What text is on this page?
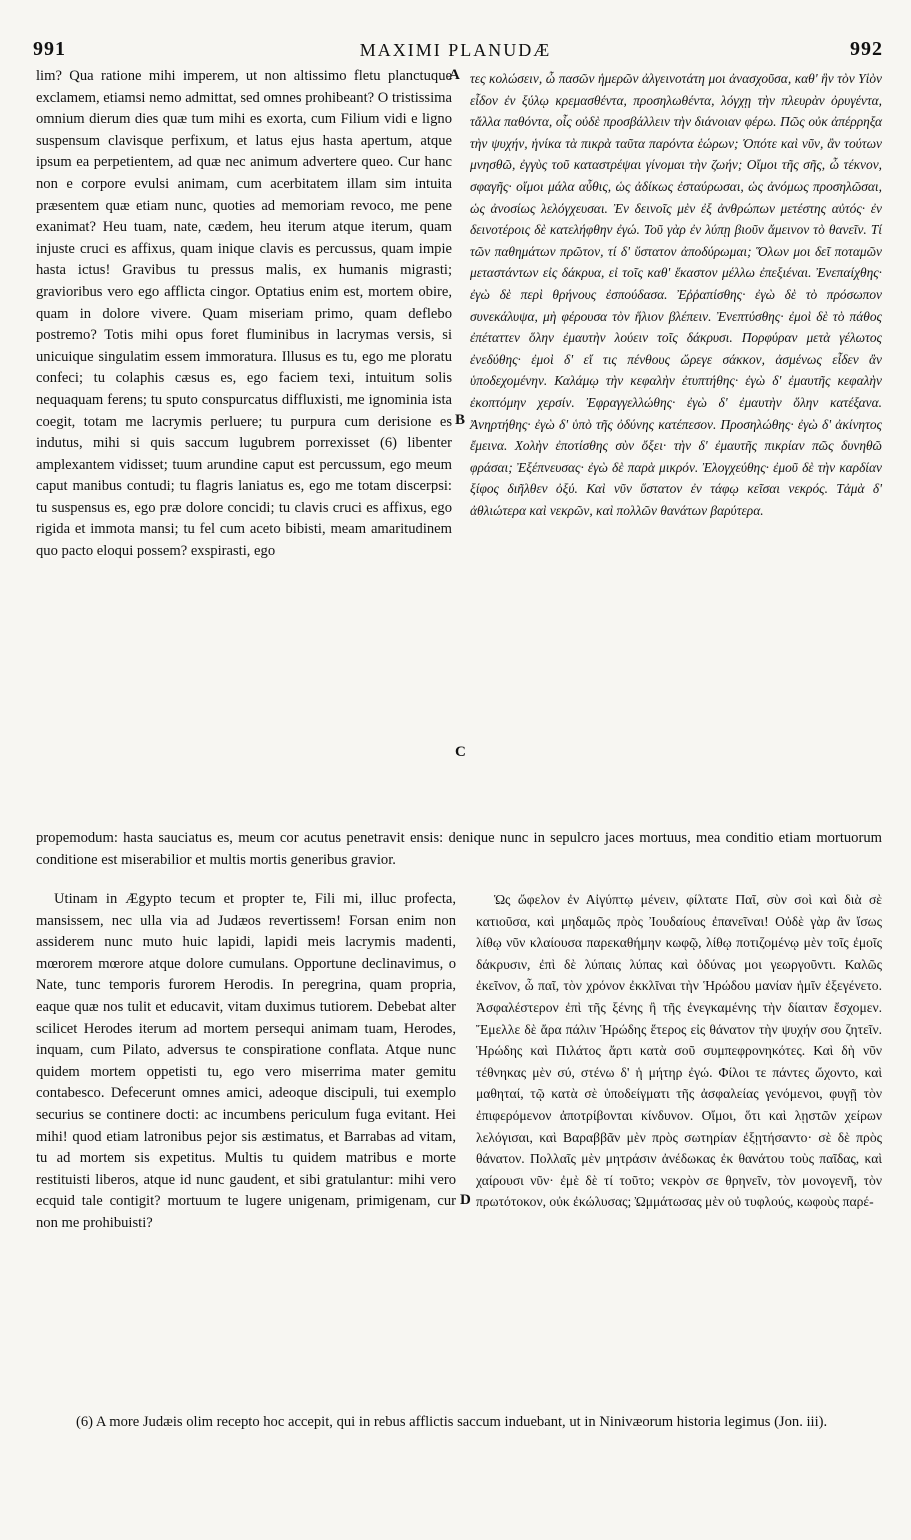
991	MAXIMI PLANUDÆ	992
A
B
C
D
lim? Qua ratione mihi imperem, ut non altissimo fletu planctuque exclamem, etiamsi nemo admittat, sed omnes prohibeant? O tristissima omnium dierum dies quæ tum mihi es exorta, cum Filium vidi e ligno suspensum clavisque perfixum, et latus ejus hasta apertum, atque ipsum ea perpetientem, ad quæ nec animum advertere queo. Cur hanc non e corpore evulsi animam, cum acerbitatem illam sim intuita præsentem quæ etiam nunc, quoties ad memoriam revoco, me pene exanimat? Heu tuam, nate, cædem, heu iterum atque iterum, quam injuste cruci es affixus, quam inique clavis es percussus, quam impie hasta ictus! Gravibus tu pressus malis, ex humanis migrasti; gravioribus vero ego afflicta cingor. Optatius enim est, mortem obire, quam in dolore vivere. Quam miseriam primo, quam deflebo postremo? Totis mihi opus foret fluminibus in lacrymas versis, si unicuique singulatim essem immoratura. Illusus es tu, ego me ploratu confeci; tu colaphis cæsus es, ego faciem texi, intuitum solis nequaquam ferens; tu sputo conspurcatus diffluxisti, me ignominia ista coegit, totam me lacrymis perluere; tu purpura cum derisione es indutus, mihi si quis saccum lugubrem porrexisset (6) libenter amplexantem vidisset; tuum arundine caput est percussum, ego meum caput manibus contudi; tu flagris laniatus es, ego me totam discerpsi: tu suspensus es, ego præ dolore concidi; tu clavis cruci es affixus, ego rigida et immota mansi; tu fel cum aceto bibisti, meam amaritudinem quo pacto eloqui possem? exspirasti, ego
τες κολώσειν, ὦ πασῶν ἡμερῶν ἀλγεινοτάτη μοι ἀνασχοῦσα, καθ' ἣν τὸν Υἱὸν εἶδον ἐν ξύλῳ κρεμασθέντα, προσηλωθέντα, λόγχῃ τὴν πλευρὰν ὀρυγέντα, τἄλλα παθόντα, οἷς οὐδὲ προσβάλλειν τὴν διάνοιαν φέρω. Πῶς οὐκ ἀπέρρηξα τὴν ψυχήν, ἡνίκα τὰ πικρὰ ταῦτα παρόντα ἑώρων; Ὁπότε καὶ νῦν, ἂν τούτων μνησθῶ, ἐγγὺς τοῦ καταστρέψαι γίνομαι τὴν ζωήν; Οἴμοι τῆς σῆς, ὦ τέκνον, σφαγῆς· οἴμοι μάλα αὖθις, ὡς ἀδίκως ἐσταύρωσαι, ὡς ἀνόμως προσηλῶσαι, ὡς ἀνοσίως λελόγχευσαι. Ἐν δεινοῖς μὲν ἐξ ἀνθρώπων μετέστης αὐτός· ἐν δεινοτέροις δὲ κατελήφθην ἐγώ. Τοῦ γὰρ ἐν λύπῃ βιοῦν ἄμεινον τὸ θανεῖν. Τί τῶν παθημάτων πρῶτον, τί δ' ὕστατον ἀποδύρωμαι; Ὅλων μοι δεῖ ποταμῶν μεταστάντων εἰς δάκρυα, εἰ τοῖς καθ' ἕκαστον μέλλω ἐπεξιέναι. Ἐνεπαίχθης· ἐγὼ δὲ περὶ θρήνους ἐσπούδασα. Ἐῤῥαπίσθης· ἐγὼ δὲ τὸ πρόσωπον συνεκάλυψα, μὴ φέρουσα τὸν ἥλιον βλέπειν. Ἐνεπτύσθης· ἐμοὶ δὲ τὸ πάθος ἐπέταττεν ὅλην ἐμαυτὴν λούειν τοῖς δάκρυσι. Πορφύραν μετὰ γέλωτος ἐνεδύθης· ἐμοὶ δ' εἴ τις πένθους ὤρεγε σάκκον, ἀσμένως εἶδεν ἂν ὑποδεχομένην. Καλάμῳ τὴν κεφαλὴν ἐτυπτήθης· ἐγὼ δ' ἐμαυτῆς κεφαλὴν ἐκοπτόμην χερσίν. Ἐφραγγελλώθης· ἐγὼ δ' ἐμαυτὴν ὅλην κατέξανα. Ἀνηρτήθης· ἐγὼ δ' ὑπὸ τῆς ὀδύνης κατέπεσον. Προσηλώθης· ἐγὼ δ' ἀκίνητος ἔμεινα. Χολὴν ἐποτίσθης σὺν ὄξει· τὴν δ' ἐμαυτῆς πικρίαν πῶς δυνηθῶ φράσαι; Ἐξέπνευσας· ἐγὼ δὲ παρὰ μικρόν. Ἐλογχεύθης· ἐμοῦ δὲ τὴν καρδίαν ξίφος διῆλθεν ὀξύ. Καὶ νῦν ὕστατον ἐν τάφῳ κεῖσαι νεκρός. Τἀμὰ δ' ἀθλιώτερα καὶ νεκρῶν, καὶ πολλῶν θανάτων βαρύτερα.
propemodum: hasta sauciatus es, meum cor acutus penetravit ensis: denique nunc in sepulcro jaces mortuus, mea conditio etiam mortuorum conditione est miserabilior et multis mortis generibus gravior.
Utinam in Ægypto tecum et propter te, Fili mi, illuc profecta, mansissem, nec ulla via ad Judæos revertissem! Forsan enim non assiderem nunc muto huic lapidi, lapidi meis lacrymis madenti, mœrorem mœrore atque dolore cumulans. Opportune declinavimus, o Nate, tunc temporis furorem Herodis. In peregrina, quam propria, eaque quæ nos tulit et educavit, vitam duximus tutiorem. Debebat alter scilicet Herodes iterum ad mortem persequi animam tuam, Herodes, inquam, cum Pilato, adversus te conspiratione conflata. Atque nunc quidem mortem oppetisti tu, ego vero miserrima mater gemitu contabesco. Defecerunt omnes amici, adeoque discipuli, tui exemplo securius se continere docti: ac incumbens periculum fuga evitant. Hei mihi! quod etiam latronibus pejor sis æstimatus, et Barrabas ad vitam, tu ad mortem sis expetitus. Multis tu quidem matribus e morte restituisti liberos, atque id nunc gaudent, et sibi gratulantur: mihi vero ecquid tale contigit? mortuum te lugere unigenam, primigenam, cur non me prohibuisti?
Ὡς ὤφελον ἐν Αἰγύπτῳ μένειν, φίλτατε Παῖ, σὺν σοὶ καὶ διὰ σὲ κατιοῦσα, καὶ μηδαμῶς πρὸς Ἰουδαίους ἐπανεῖναι! Οὐδὲ γὰρ ἂν ἴσως λίθῳ νῦν κλαίουσα παρεκαθήμην κωφῷ, λίθῳ ποτιζομένῳ μὲν τοῖς ἐμοῖς δάκρυσιν, ἐπὶ δὲ λύπαις λύπας καὶ ὀδύνας μοι γεωργοῦντι. Καλῶς ἐκεῖνον, ὦ παῖ, τὸν χρόνον ἐκκλῖναι τὴν Ἡρώδου μανίαν ἡμῖν ἐξεγένετο. Ἀσφαλέστερον ἐπὶ τῆς ξένης ἢ τῆς ἐνεγκαμένης τὴν δίαιταν ἔσχομεν. Ἔμελλε δὲ ἄρα πάλιν Ἡρώδης ἕτερος εἰς θάνατον τὴν ψυχήν σου ζητεῖν. Ἡρώδης καὶ Πιλάτος ἄρτι κατὰ σοῦ συμπεφρονηκότες. Καὶ δὴ νῦν τέθνηκας μὲν σύ, στένω δ' ἡ μήτηρ ἐγώ. Φίλοι τε πάντες ὤχοντο, καὶ μαθηταί, τῷ κατὰ σὲ ὑποδείγματι τῆς ἀσφαλείας γενόμενοι, φυγῇ τὸν ἐπιφερόμενον ἀποτρίβονται κίνδυνον. Οἴμοι, ὅτι καὶ λῃστῶν χείρων λελόγισαι, καὶ Βαραββᾶν μὲν πρὸς σωτηρίαν ἐξῃτήσαντο· σὲ δὲ πρὸς θάνατον. Πολλαῖς μὲν μητράσιν ἀνέδωκας ἐκ θανάτου τοὺς παῖδας, καὶ χαίρουσι νῦν· ἐμὲ δὲ τί τοῦτο; νεκρὸν σε θρηνεῖν, τὸν μονογενῆ, τὸν πρωτότοκον, οὐκ ἐκώλυσας; Ὠμμάτωσας μὲν οὐ τυφλούς, κωφοὺς παρέ-
(6) A more Judæis olim recepto hoc accepit, qui in rebus afflictis saccum induebant, ut in Ninivæorum historia legimus (Jon. iii).
